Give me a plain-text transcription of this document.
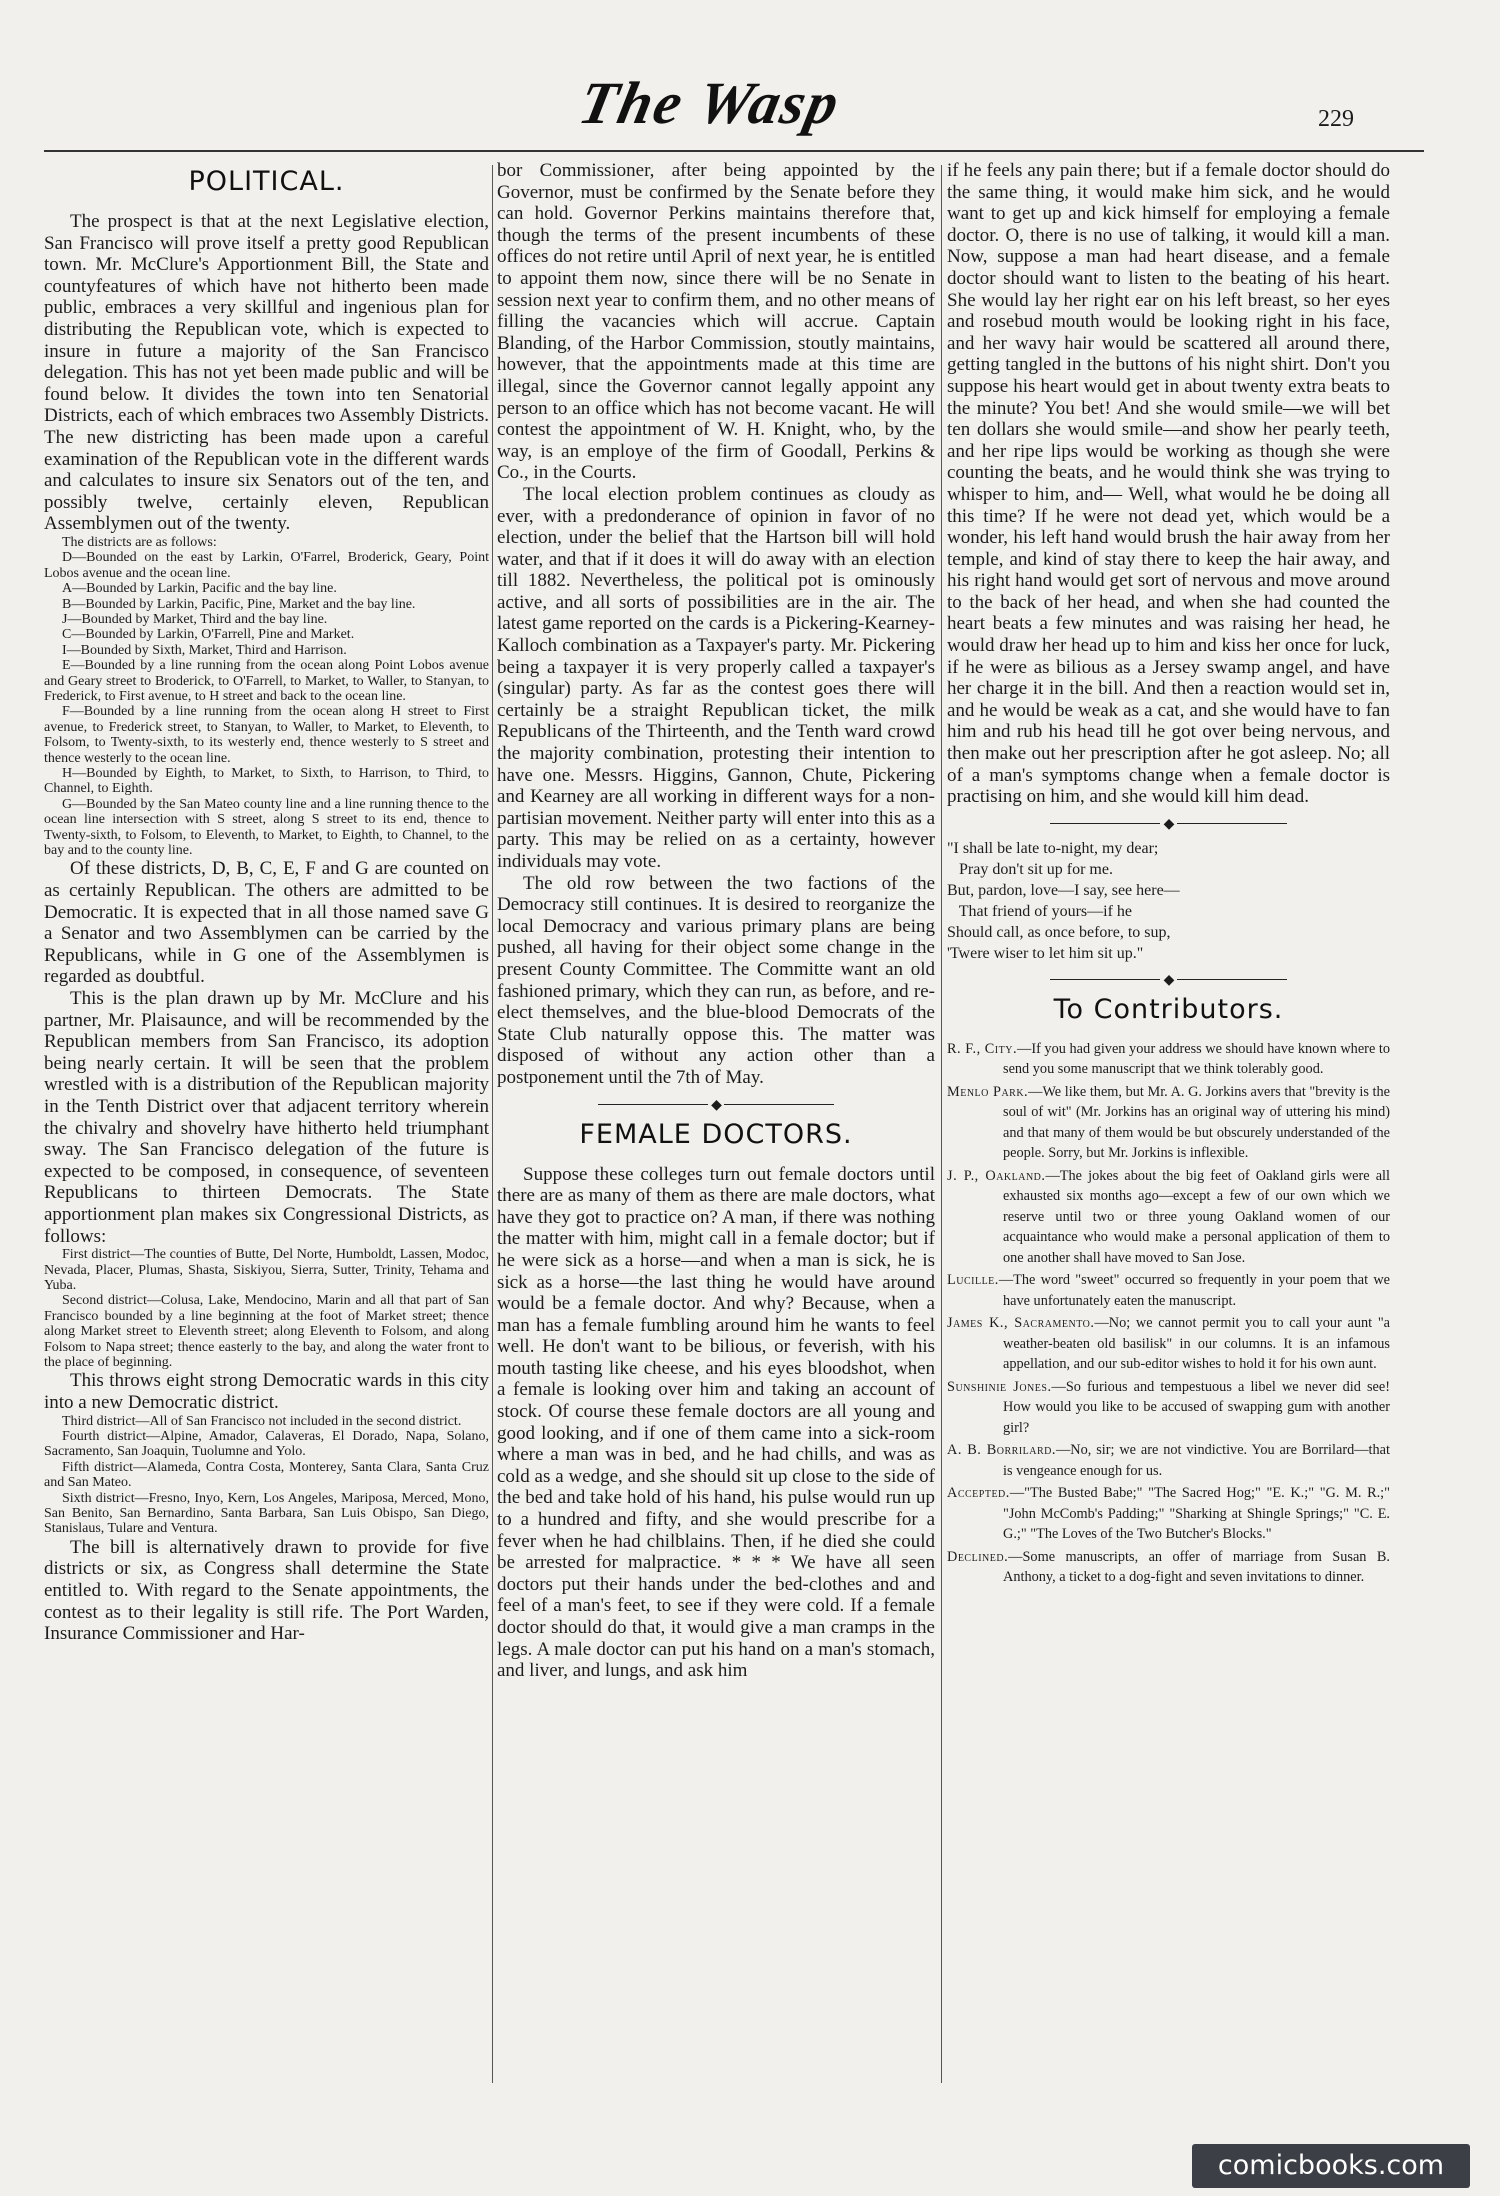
The Wasp	229
POLITICAL.

The prospect is that at the next Legislative election, San Francisco will prove itself a pretty good Republican town. Mr. McClure's Apportionment Bill, the State and countyfeatures of which have not hitherto been made public, embraces a very skillful and ingenious plan for distributing the Republican vote, which is expected to insure in future a majority of the San Francisco delegation. This has not yet been made public and will be found below. It divides the town into ten Senatorial Districts, each of which embraces two Assembly Districts. The new districting has been made upon a careful examination of the Republican vote in the different wards and calculates to insure six Senators out of the ten, and possibly twelve, certainly eleven, Republican Assemblymen out of the twenty.

The districts are as follows:

D—Bounded on the east by Larkin, O'Farrel, Broderick, Geary, Point Lobos avenue and the ocean line.

A—Bounded by Larkin, Pacific and the bay line.

B—Bounded by Larkin, Pacific, Pine, Market and the bay line.

J—Bounded by Market, Third and the bay line.

C—Bounded by Larkin, O'Farrell, Pine and Market.

I—Bounded by Sixth, Market, Third and Harrison.

E—Bounded by a line running from the ocean along Point Lobos avenue and Geary street to Broderick, to O'Farrell, to Market, to Waller, to Stanyan, to Frederick, to First avenue, to H street and back to the ocean line.

F—Bounded by a line running from the ocean along H street to First avenue, to Frederick street, to Stanyan, to Waller, to Market, to Eleventh, to Folsom, to Twenty-sixth, to its westerly end, thence westerly to S street and thence westerly to the ocean line.

H—Bounded by Eighth, to Market, to Sixth, to Harrison, to Third, to Channel, to Eighth.

G—Bounded by the San Mateo county line and a line running thence to the ocean line intersection with S street, along S street to its end, thence to Twenty-sixth, to Folsom, to Eleventh, to Market, to Eighth, to Channel, to the bay and to the county line.

Of these districts, D, B, C, E, F and G are counted on as certainly Republican. The others are admitted to be Democratic. It is expected that in all those named save G a Senator and two Assemblymen can be carried by the Republicans, while in G one of the Assemblymen is regarded as doubtful.

This is the plan drawn up by Mr. McClure and his partner, Mr. Plaisaunce, and will be recommended by the Republican members from San Francisco, its adoption being nearly certain. It will be seen that the problem wrestled with is a distribution of the Republican majority in the Tenth District over that adjacent territory wherein the chivalry and shovelry have hitherto held triumphant sway. The San Francisco delegation of the future is expected to be composed, in consequence, of seventeen Republicans to thirteen Democrats. The State apportionment plan makes six Congressional Districts, as follows:

First district—The counties of Butte, Del Norte, Humboldt, Lassen, Modoc, Nevada, Placer, Plumas, Shasta, Siskiyou, Sierra, Sutter, Trinity, Tehama and Yuba.

Second district—Colusa, Lake, Mendocino, Marin and all that part of San Francisco bounded by a line beginning at the foot of Market street; thence along Market street to Eleventh street; along Eleventh to Folsom, and along Folsom to Napa street; thence easterly to the bay, and along the water front to the place of beginning.

This throws eight strong Democratic wards in this city into a new Democratic district.

Third district—All of San Francisco not included in the second district.

Fourth district—Alpine, Amador, Calaveras, El Dorado, Napa, Solano, Sacramento, San Joaquin, Tuolumne and Yolo.

Fifth district—Alameda, Contra Costa, Monterey, Santa Clara, Santa Cruz and San Mateo.

Sixth district—Fresno, Inyo, Kern, Los Angeles, Mariposa, Merced, Mono, San Benito, San Bernardino, Santa Barbara, San Luis Obispo, San Diego, Stanislaus, Tulare and Ventura.

The bill is alternatively drawn to provide for five districts or six, as Congress shall determine the State entitled to. With regard to the Senate appointments, the contest as to their legality is still rife. The Port Warden, Insurance Commissioner and Har-

bor Commissioner, after being appointed by the Governor, must be confirmed by the Senate before they can hold. Governor Perkins maintains therefore that, though the terms of the present incumbents of these offices do not retire until April of next year, he is entitled to appoint them now, since there will be no Senate in session next year to confirm them, and no other means of filling the vacancies which will accrue. Captain Blanding, of the Harbor Commission, stoutly maintains, however, that the appointments made at this time are illegal, since the Governor cannot legally appoint any person to an office which has not become vacant. He will contest the appointment of W. H. Knight, who, by the way, is an employe of the firm of Goodall, Perkins & Co., in the Courts.

The local election problem continues as cloudy as ever, with a predonderance of opinion in favor of no election, under the belief that the Hartson bill will hold water, and that if it does it will do away with an election till 1882. Nevertheless, the political pot is ominously active, and all sorts of possibilities are in the air. The latest game reported on the cards is a Pickering-Kearney-Kalloch combination as a Taxpayer's party. Mr. Pickering being a taxpayer it is very properly called a taxpayer's (singular) party. As far as the contest goes there will certainly be a straight Republican ticket, the milk Republicans of the Thirteenth, and the Tenth ward crowd the majority combination, protesting their intention to have one. Messrs. Higgins, Gannon, Chute, Pickering and Kearney are all working in different ways for a non-partisian movement. Neither party will enter into this as a party. This may be relied on as a certainty, however individuals may vote.

The old row between the two factions of the Democracy still continues. It is desired to reorganize the local Democracy and various primary plans are being pushed, all having for their object some change in the present County Committee. The Committe want an old fashioned primary, which they can run, as before, and re-elect themselves, and the blue-blood Democrats of the State Club naturally oppose this. The matter was disposed of without any action other than a postponement until the 7th of May.

◆
FEMALE DOCTORS.

Suppose these colleges turn out female doctors until there are as many of them as there are male doctors, what have they got to practice on? A man, if there was nothing the matter with him, might call in a female doctor; but if he were sick as a horse—and when a man is sick, he is sick as a horse—the last thing he would have around would be a female doctor. And why? Because, when a man has a female fumbling around him he wants to feel well. He don't want to be bilious, or feverish, with his mouth tasting like cheese, and his eyes bloodshot, when a female is looking over him and taking an account of stock. Of course these female doctors are all young and good looking, and if one of them came into a sick-room where a man was in bed, and he had chills, and was as cold as a wedge, and she should sit up close to the side of the bed and take hold of his hand, his pulse would run up to a hundred and fifty, and she would prescribe for a fever when he had chilblains. Then, if he died she could be arrested for malpractice. * * * We have all seen doctors put their hands under the bed-clothes and and feel of a man's feet, to see if they were cold. If a female doctor should do that, it would give a man cramps in the legs. A male doctor can put his hand on a man's stomach, and liver, and lungs, and ask him

if he feels any pain there; but if a female doctor should do the same thing, it would make him sick, and he would want to get up and kick himself for employing a female doctor. O, there is no use of talking, it would kill a man. Now, suppose a man had heart disease, and a female doctor should want to listen to the beating of his heart. She would lay her right ear on his left breast, so her eyes and rosebud mouth would be looking right in his face, and her wavy hair would be scattered all around there, getting tangled in the buttons of his night shirt. Don't you suppose his heart would get in about twenty extra beats to the minute? You bet! And she would smile—we will bet ten dollars she would smile—and show her pearly teeth, and her ripe lips would be working as though she were counting the beats, and he would think she was trying to whisper to him, and— Well, what would he be doing all this time? If he were not dead yet, which would be a wonder, his left hand would brush the hair away from her temple, and kind of stay there to keep the hair away, and his right hand would get sort of nervous and move around to the back of her head, and when she had counted the heart beats a few minutes and was raising her head, he would draw her head up to him and kiss her once for luck, if he were as bilious as a Jersey swamp angel, and have her charge it in the bill. And then a reaction would set in, and he would be weak as a cat, and she would have to fan him and rub his head till he got over being nervous, and then make out her prescription after he got asleep. No; all of a man's symptoms change when a female doctor is practising on him, and she would kill him dead.

◆
"I shall be late to-night, my dear;
Pray don't sit up for me.
But, pardon, love—I say, see here—
That friend of yours—if he
Should call, as once before, to sup,
'Twere wiser to let him sit up."
◆
To Contributors.

R. F., City.—If you had given your address we should have known where to send you some manuscript that we think tolerably good.

Menlo Park.—We like them, but Mr. A. G. Jorkins avers that "brevity is the soul of wit" (Mr. Jorkins has an original way of uttering his mind) and that many of them would be but obscurely understanded of the people. Sorry, but Mr. Jorkins is inflexible.

J. P., Oakland.—The jokes about the big feet of Oakland girls were all exhausted six months ago—except a few of our own which we reserve until two or three young Oakland women of our acquaintance who would make a personal application of them to one another shall have moved to San Jose.

Lucille.—The word "sweet" occurred so frequently in your poem that we have unfortunately eaten the manuscript.

James K., Sacramento.—No; we cannot permit you to call your aunt "a weather-beaten old basilisk" in our columns. It is an infamous appellation, and our sub-editor wishes to hold it for his own aunt.

Sunshinie Jones.—So furious and tempestuous a libel we never did see! How would you like to be accused of swapping gum with another girl?

A. B. Borrilard.—No, sir; we are not vindictive. You are Borrilard—that is vengeance enough for us.

Accepted.—"The Busted Babe;" "The Sacred Hog;" "E. K.;" "G. M. R.;" "John McComb's Padding;" "Sharking at Shingle Springs;" "C. E. G.;" "The Loves of the Two Butcher's Blocks."

Declined.—Some manuscripts, an offer of marriage from Susan B. Anthony, a ticket to a dog-fight and seven invitations to dinner.

comicbooks.com
